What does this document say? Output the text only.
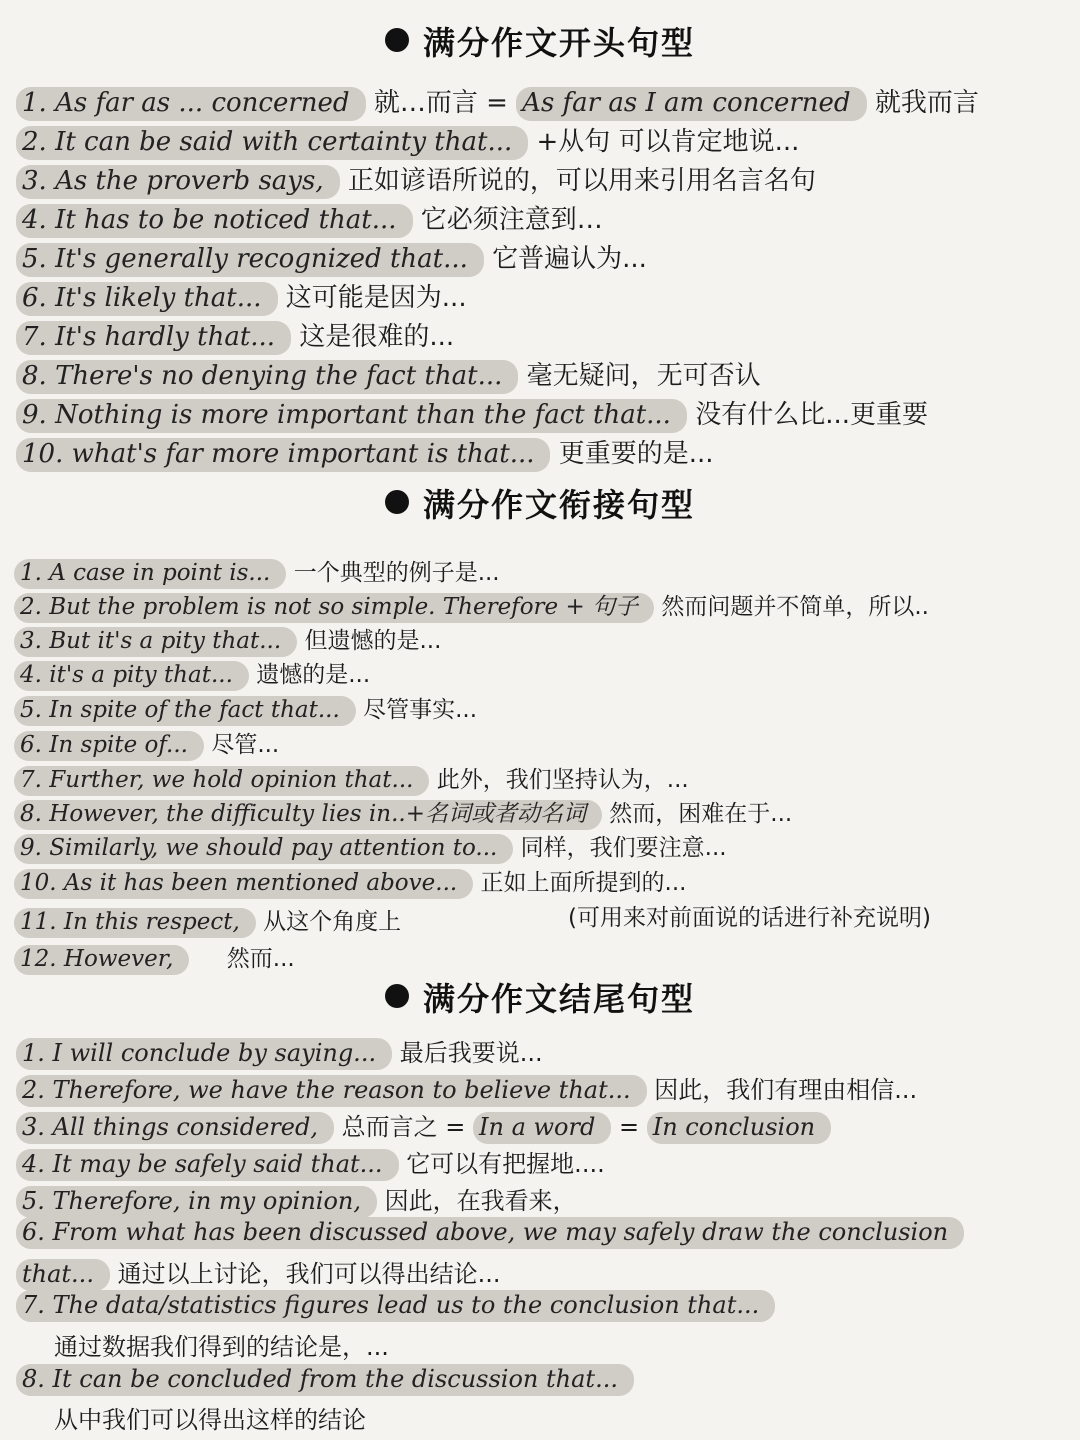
满分作文开头句型
1. As far as ... concerned 就…而言 = As far as I am concerned 就我而言
2. It can be said with certainty that... +从句 可以肯定地说...
3. As the proverb says, 正如谚语所说的，可以用来引用名言名句
4. It has to be noticed that... 它必须注意到…
5. It's generally recognized that... 它普遍认为...
6. It's likely that... 这可能是因为...
7. It's hardly that... 这是很难的...
8. There's no denying the fact that... 毫无疑问，无可否认
9. Nothing is more important than the fact that... 没有什么比...更重要
10. what's far more important is that... 更重要的是...
满分作文衔接句型
1. A case in point is... 一个典型的例子是...
2. But the problem is not so simple. Therefore + 句子 然而问题并不简单，所以..
3. But it's a pity that... 但遗憾的是...
4. it's a pity that... 遗憾的是...
5. In spite of the fact that... 尽管事实...
6. In spite of... 尽管...
7. Further, we hold opinion that... 此外，我们坚持认为，...
8. However, the difficulty lies in..+名词或者动名词 然而，困难在于...
9. Similarly, we should pay attention to... 同样，我们要注意...
10. As it has been mentioned above... 正如上面所提到的...
11. In this respect, 从这个角度上	(可用来对前面说的话进行补充说明)
12. However, 然而...
满分作文结尾句型
1. I will conclude by saying... 最后我要说...
2. Therefore, we have the reason to believe that... 因此，我们有理由相信...
3. All things considered, 总而言之 = In a word = In conclusion
4. It may be safely said that... 它可以有把握地....
5. Therefore, in my opinion, 因此，在我看来，
6. From what has been discussed above, we may safely draw the conclusion
that... 通过以上讨论，我们可以得出结论...
7. The data/statistics figures lead us to the conclusion that...
通过数据我们得到的结论是，...
8. It can be concluded from the discussion that...
从中我们可以得出这样的结论
